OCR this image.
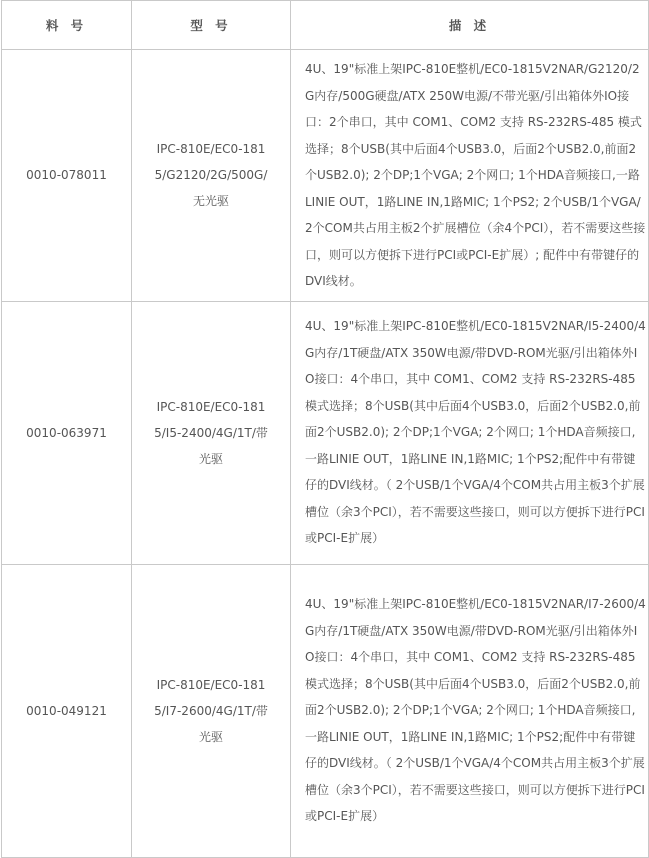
料 号	型 号	描 述
0010-078011	IPC-810E/EC0-1815/G2120/2G/500G/无光驱	4U、19"标准上架IPC-810E整机/EC0-1815V2NAR/G2120/2G内存/500G硬盘/ATX 250W电源/不带光驱/引出箱体外IO接口：2个串口，其中 COM1、COM2 支持 RS-232RS-485 模式选择；8个USB(其中后面4个USB3.0，后面2个USB2.0,前面2个USB2.0); 2个DP;1个VGA; 2个网口; 1个HDA音频接口,一路LINIE OUT，1路LINE IN,1路MIC; 1个PS2; 2个USB/1个VGA/2个COM共占用主板2个扩展槽位（余4个PCI），若不需要这些接口，则可以方便拆下进行PCI或PCI-E扩展）; 配件中有带键仔的DVI线材。
0010-063971	IPC-810E/EC0-1815/I5-2400/4G/1T/带光驱	4U、19"标准上架IPC-810E整机/EC0-1815V2NAR/I5-2400/4G内存/1T硬盘/ATX 350W电源/带DVD-ROM光驱/引出箱体外IO接口：4个串口，其中 COM1、COM2 支持 RS-232RS-485 模式选择；8个USB(其中后面4个USB3.0，后面2个USB2.0,前面2个USB2.0); 2个DP;1个VGA; 2个网口; 1个HDA音频接口,一路LINIE OUT，1路LINE IN,1路MIC; 1个PS2;配件中有带键仔的DVI线材。（ 2个USB/1个VGA/4个COM共占用主板3个扩展槽位（余3个PCI），若不需要这些接口，则可以方便拆下进行PCI或PCI-E扩展）
0010-049121	IPC-810E/EC0-1815/I7-2600/4G/1T/带光驱	4U、19"标准上架IPC-810E整机/EC0-1815V2NAR/I7-2600/4G内存/1T硬盘/ATX 350W电源/带DVD-ROM光驱/引出箱体外IO接口：4个串口，其中 COM1、COM2 支持 RS-232RS-485 模式选择；8个USB(其中后面4个USB3.0，后面2个USB2.0,前面2个USB2.0); 2个DP;1个VGA; 2个网口; 1个HDA音频接口,一路LINIE OUT，1路LINE IN,1路MIC; 1个PS2;配件中有带键仔的DVI线材。（ 2个USB/1个VGA/4个COM共占用主板3个扩展槽位（余3个PCI），若不需要这些接口，则可以方便拆下进行PCI或PCI-E扩展）
